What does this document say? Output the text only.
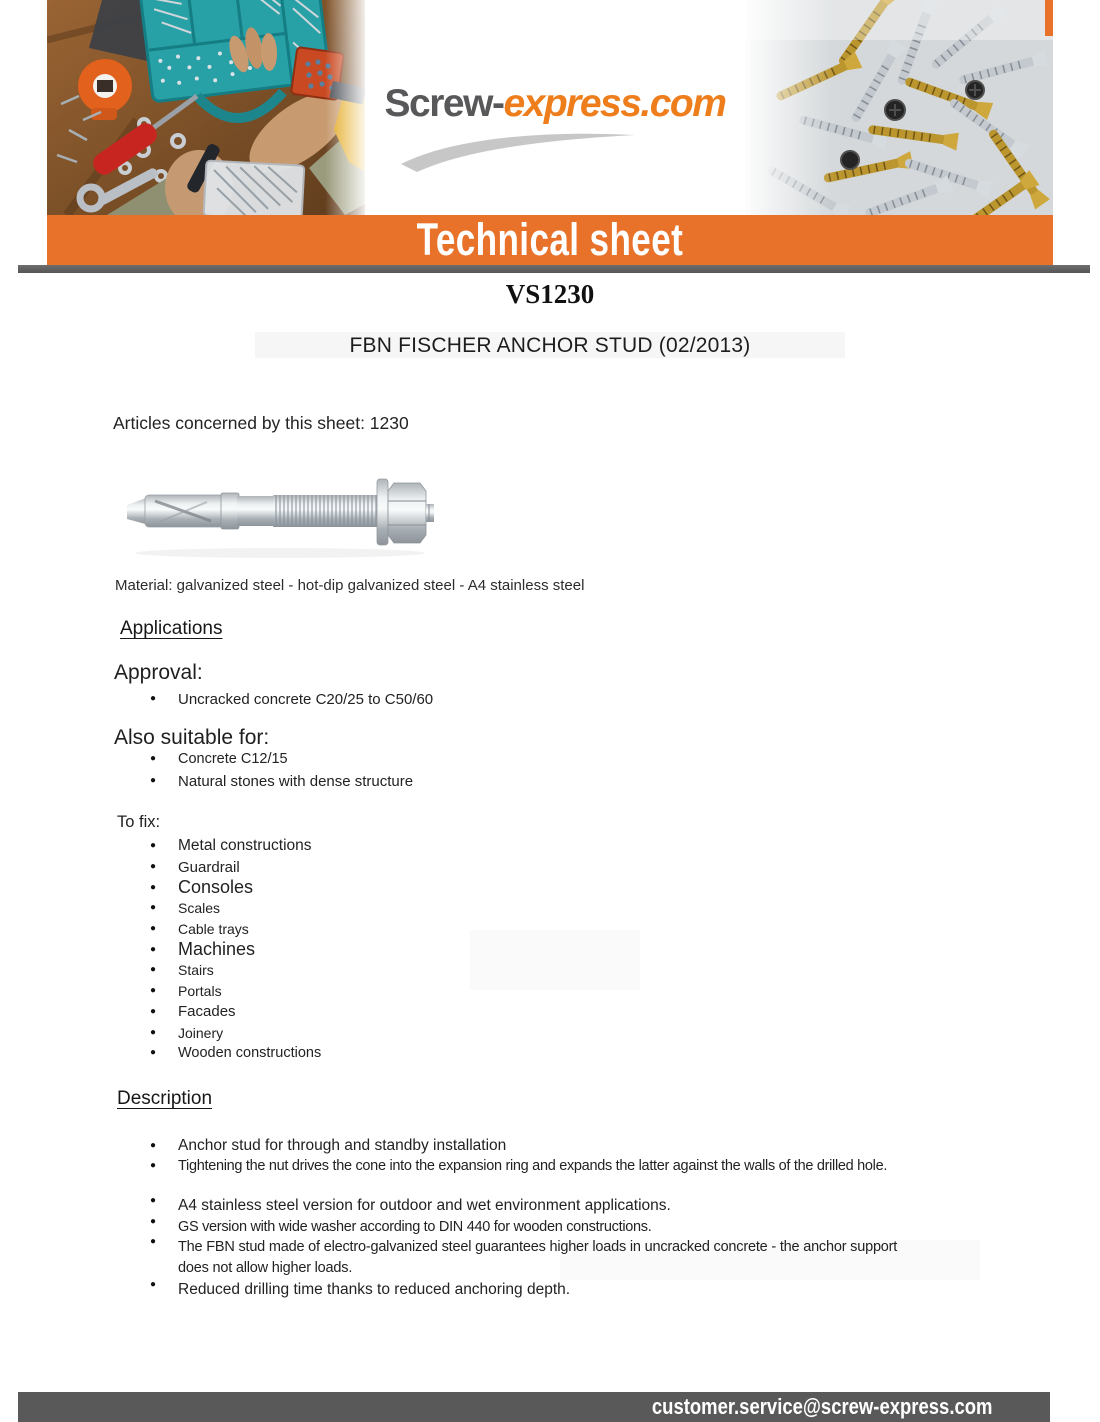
Screw-express.com
Technical sheet
VS1230
FBN FISCHER ANCHOR STUD (02/2013)
Articles concerned by this sheet: 1230
Material: galvanized steel - hot-dip galvanized steel - A4 stainless steel
Applications
Approval:
●	Uncracked concrete C20/25 to C50/60
Also suitable for:
●	Concrete C12/15
●	Natural stones with dense structure
To fix:
●	Metal constructions
●	Guardrail
●	Consoles
●	Scales
●	Cable trays
●	Machines
●	Stairs
●	Portals
●	Facades
●	Joinery
●	Wooden constructions
Description
●	Anchor stud for through and standby installation
●	Tightening the nut drives the cone into the expansion ring and expands the latter against the walls of the drilled hole.
●	A4 stainless steel version for outdoor and wet environment applications.
●	GS version with wide washer according to DIN 440 for wooden constructions.
●	The FBN stud made of electro-galvanized steel guarantees higher loads in uncracked concrete - the anchor support does not allow higher loads.
●	Reduced drilling time thanks to reduced anchoring depth.
customer.service@screw-express.com
